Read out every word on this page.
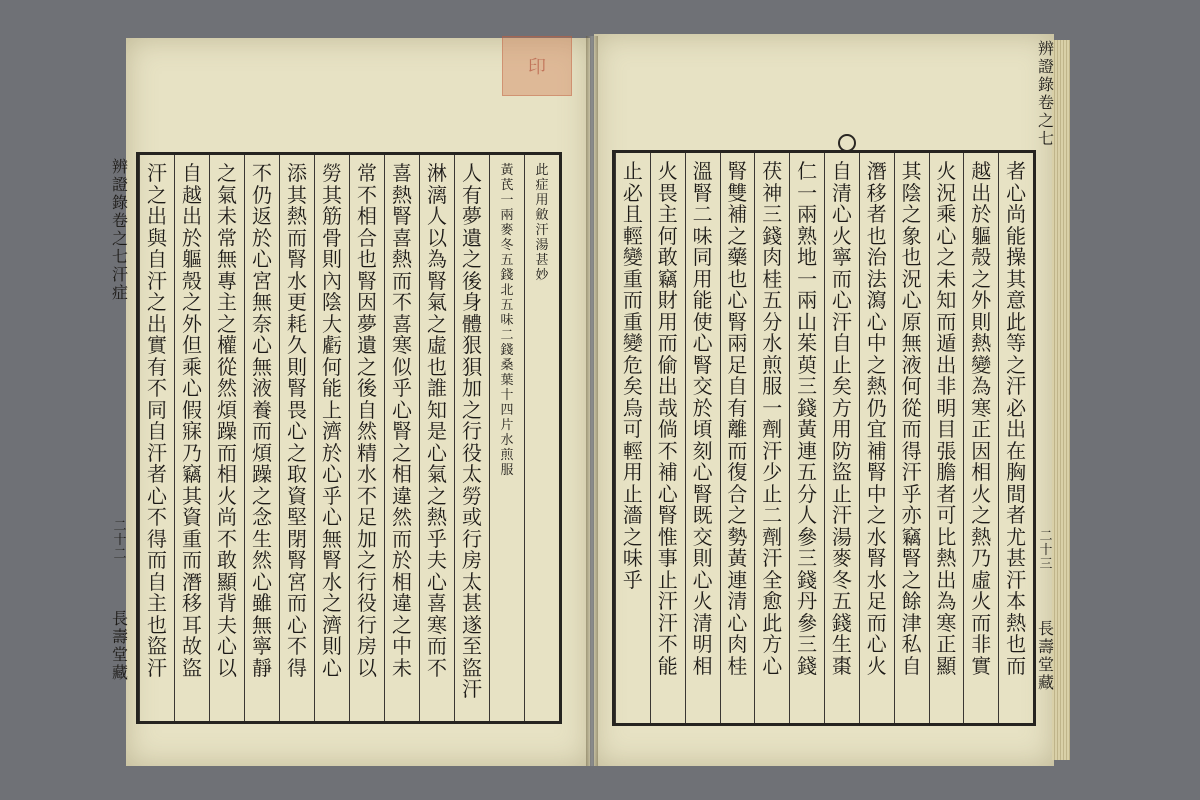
印
此
症
用
斂
汗
湯
甚
妙
黃
芪
一
兩
麥
冬
五
錢
北
五
味
二
錢
桑
葉
十
四
片
水
煎
服
人
有
夢
遺
之
後
身
體
狠
狽
加
之
行
役
太
勞
或
行
房
太
甚
遂
至
盜
汗
淋
漓
人
以
為
腎
氣
之
虛
也
誰
知
是
心
氣
之
熱
乎
夫
心
喜
寒
而
不
喜
熱
腎
喜
熱
而
不
喜
寒
似
乎
心
腎
之
相
違
然
而
於
相
違
之
中
未
常
不
相
合
也
腎
因
夢
遺
之
後
自
然
精
水
不
足
加
之
行
役
行
房
以
勞
其
筋
骨
則
內
陰
大
虧
何
能
上
濟
於
心
乎
心
無
腎
水
之
濟
則
心
添
其
熱
而
腎
水
更
耗
久
則
腎
畏
心
之
取
資
堅
閉
腎
宮
而
心
不
得
不
仍
返
於
心
宮
無
奈
心
無
液
養
而
煩
躁
之
念
生
然
心
雖
無
寧
靜
之
氣
未
常
無
專
主
之
權
從
然
煩
躁
而
相
火
尚
不
敢
顯
背
夫
心
以
自
越
出
於
軀
殼
之
外
但
乘
心
假
寐
乃
竊
其
資
重
而
潛
移
耳
故
盜
汗
之
出
與
自
汗
之
出
實
有
不
同
自
汗
者
心
不
得
而
自
主
也
盜
汗
止
必
且
輕
變
重
而
重
變
危
矣
烏
可
輕
用
止
濇
之
味
乎
火
畏
主
何
敢
竊
財
用
而
偷
出
哉
倘
不
補
心
腎
惟
事
止
汗
汗
不
能
溫
腎
二
味
同
用
能
使
心
腎
交
於
頃
刻
心
腎
既
交
則
心
火
清
明
相
腎
雙
補
之
藥
也
心
腎
兩
足
自
有
離
而
復
合
之
勢
黃
連
清
心
肉
桂
茯
神
三
錢
肉
桂
五
分
水
煎
服
一
劑
汗
少
止
二
劑
汗
全
愈
此
方
心
仁
一
兩
熟
地
一
兩
山
茱
萸
三
錢
黃
連
五
分
人
參
三
錢
丹
參
三
錢
自
清
心
火
寧
而
心
汗
自
止
矣
方
用
防
盜
止
汗
湯
麥
冬
五
錢
生
棗
潛
移
者
也
治
法
瀉
心
中
之
熱
仍
宜
補
腎
中
之
水
腎
水
足
而
心
火
其
陰
之
象
也
況
心
原
無
液
何
從
而
得
汗
乎
亦
竊
腎
之
餘
津
私
自
火
況
乘
心
之
未
知
而
遁
出
非
明
目
張
膽
者
可
比
熱
出
為
寒
正
顯
越
出
於
軀
殼
之
外
則
熱
變
為
寒
正
因
相
火
之
熱
乃
虛
火
而
非
實
者
心
尚
能
操
其
意
此
等
之
汗
必
出
在
胸
間
者
尤
甚
汗
本
熱
也
而
辨
證
錄
卷
之
七
汗
症
二
十
二
長
壽
堂
藏
辨
證
錄
卷
之
七
二
十
三
長
壽
堂
藏
